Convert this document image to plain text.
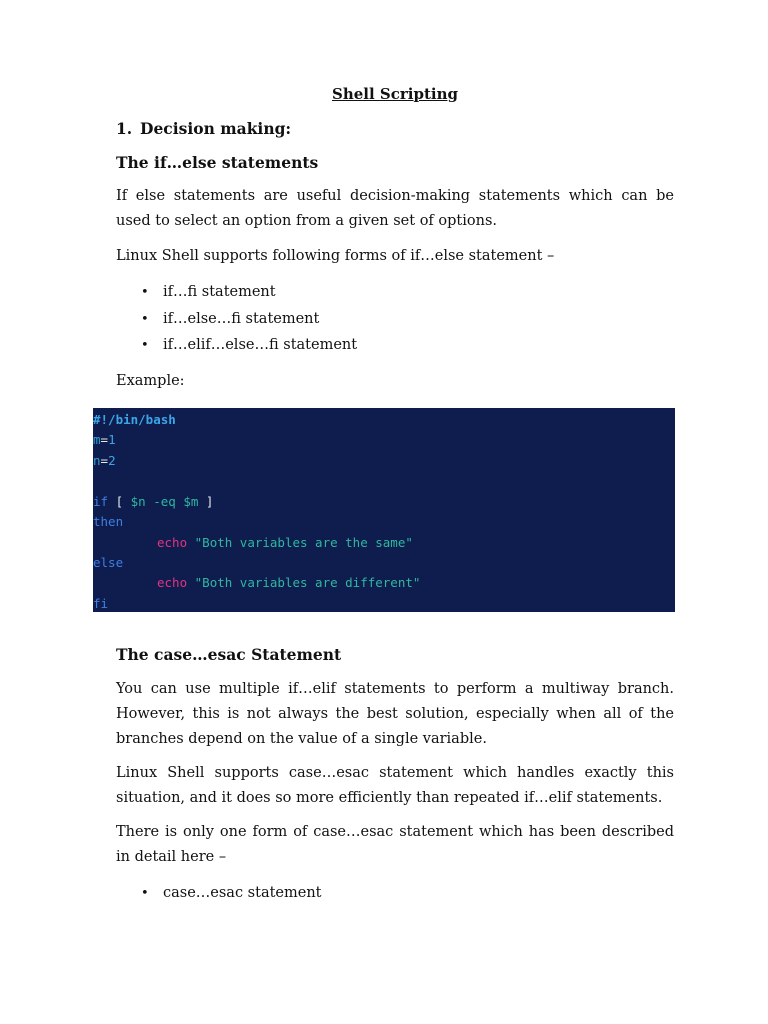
Shell Scripting
1. Decision making:
The if…else statements
If else statements are useful decision-making statements which can be used to select an option from a given set of options.
Linux Shell supports following forms of if…else statement –
• if…fi statement
• if…else…fi statement
• if…elif…else…fi statement
Example:
#!/bin/bash
m=1
n=2
if [ $n -eq $m ]
then
echo "Both variables are the same"
else
echo "Both variables are different"
fi
The case…esac Statement
You can use multiple if…elif statements to perform a multiway branch. However, this is not always the best solution, especially when all of the branches depend on the value of a single variable.
Linux Shell supports case…esac statement which handles exactly this situation, and it does so more efficiently than repeated if…elif statements.
There is only one form of case…esac statement which has been described in detail here –
• case…esac statement
